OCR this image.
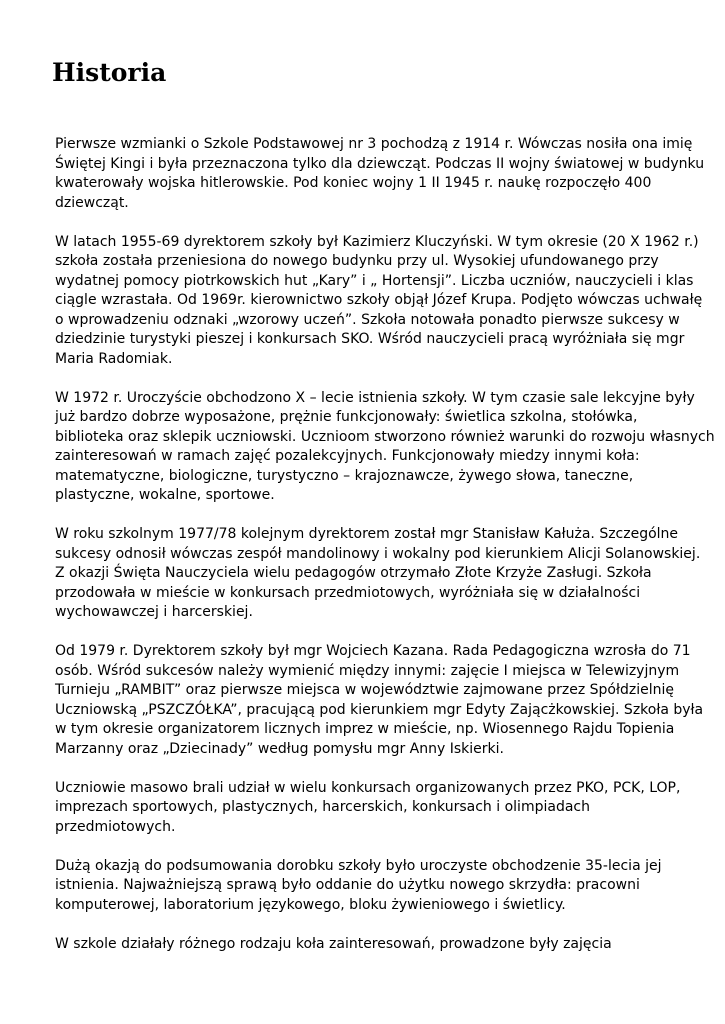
Historia

Pierwsze wzmianki o Szkole Podstawowej nr 3 pochodzą z 1914 r. Wówczas nosiła ona imię
Świętej Kingi i była przeznaczona tylko dla dziewcząt. Podczas II wojny światowej w budynku
kwaterowały wojska hitlerowskie. Pod koniec wojny 1 II 1945 r. naukę rozpoczęło 400
dziewcząt.

W latach 1955-69 dyrektorem szkoły był Kazimierz Kluczyński. W tym okresie (20 X 1962 r.)
szkoła została przeniesiona do nowego budynku przy ul. Wysokiej ufundowanego przy
wydatnej pomocy piotrkowskich hut „Kary” i „ Hortensji”. Liczba uczniów, nauczycieli i klas
ciągle wzrastała. Od 1969r. kierownictwo szkoły objął Józef Krupa. Podjęto wówczas uchwałę
o wprowadzeniu odznaki „wzorowy uczeń”. Szkoła notowała ponadto pierwsze sukcesy w
dziedzinie turystyki pieszej i konkursach SKO. Wśród nauczycieli pracą wyróżniała się mgr
Maria Radomiak.

W 1972 r. Uroczyście obchodzono X – lecie istnienia szkoły. W tym czasie sale lekcyjne były
już bardzo dobrze wyposażone, prężnie funkcjonowały: świetlica szkolna, stołówka,
biblioteka oraz sklepik uczniowski. Ucznioom stworzono również warunki do rozwoju własnych
zainteresowań w ramach zajęć pozalekcyjnych. Funkcjonowały miedzy innymi koła:
matematyczne, biologiczne, turystyczno – krajoznawcze, żywego słowa, taneczne,
plastyczne, wokalne, sportowe.

W roku szkolnym 1977/78 kolejnym dyrektorem został mgr Stanisław Kałuża. Szczególne
sukcesy odnosił wówczas zespół mandolinowy i wokalny pod kierunkiem Alicji Solanowskiej.
Z okazji Święta Nauczyciela wielu pedagogów otrzymało Złote Krzyże Zasługi. Szkoła
przodowała w mieście w konkursach przedmiotowych, wyróżniała się w działalności
wychowawczej i harcerskiej.

Od 1979 r. Dyrektorem szkoły był mgr Wojciech Kazana. Rada Pedagogiczna wzrosła do 71
osób. Wśród sukcesów należy wymienić między innymi: zajęcie I miejsca w Telewizyjnym
Turnieju „RAMBIT” oraz pierwsze miejsca w województwie zajmowane przez Spółdzielnię
Uczniowską „PSZCZÓŁKA”, pracującą pod kierunkiem mgr Edyty Zającżkowskiej. Szkoła była
w tym okresie organizatorem licznych imprez w mieście, np. Wiosennego Rajdu Topienia
Marzanny oraz „Dziecinady” według pomysłu mgr Anny Iskierki.

Uczniowie masowo brali udział w wielu konkursach organizowanych przez PKO, PCK, LOP,
imprezach sportowych, plastycznych, harcerskich, konkursach i olimpiadach
przedmiotowych.

Dużą okazją do podsumowania dorobku szkoły było uroczyste obchodzenie 35-lecia jej
istnienia. Najważniejszą sprawą było oddanie do użytku nowego skrzydła: pracowni
komputerowej, laboratorium językowego, bloku żywieniowego i świetlicy.

W szkole działały różnego rodzaju koła zainteresowań, prowadzone były zajęcia
